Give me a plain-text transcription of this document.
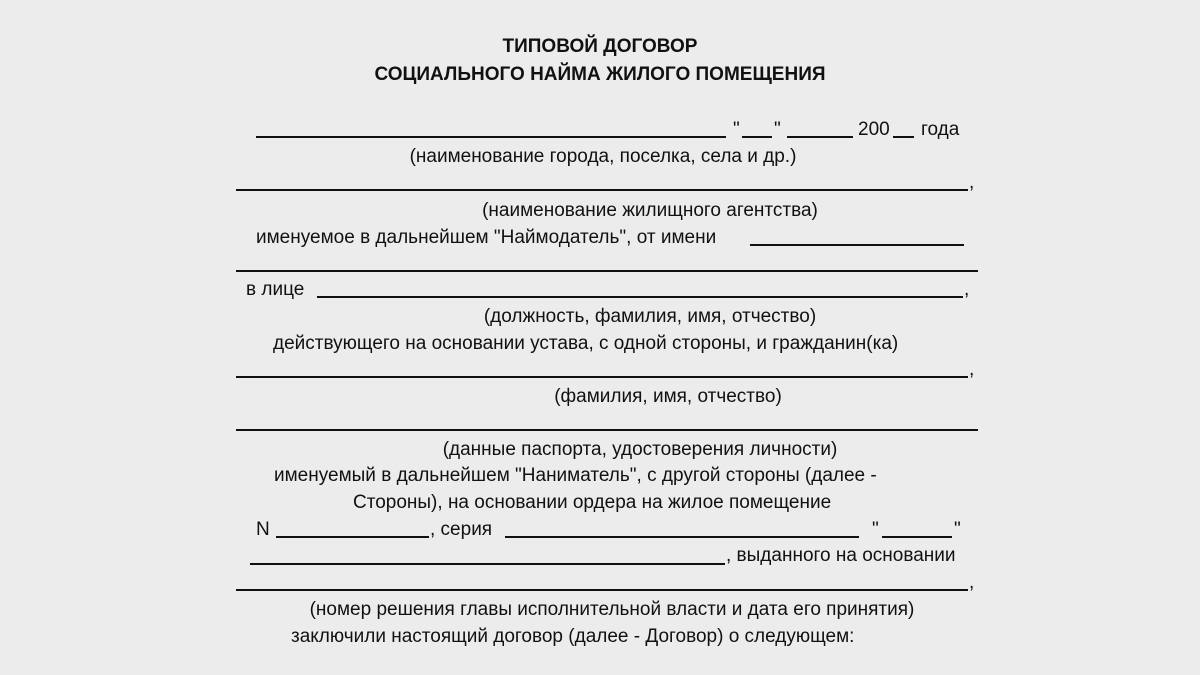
ТИПОВОЙ ДОГОВОР
СОЦИАЛЬНОГО НАЙМА ЖИЛОГО ПОМЕЩЕНИЯ
" "	200 года
(наименование города, поселка, села и др.)
,
(наименование жилищного агентства)
именуемое в дальнейшем "Наймодатель", от имени
в лице	,
(должность, фамилия, имя, отчество)
действующего на основании устава, с одной стороны, и гражданин(ка)
,
(фамилия, имя, отчество)
(данные паспорта, удостоверения личности)
именуемый в дальнейшем "Наниматель", с другой стороны (далее -
Стороны), на основании ордера на жилое помещение
N	, серия	"	"
, выданного на основании
,
(номер решения главы исполнительной власти и дата его принятия)
заключили настоящий договор (далее - Договор) о следующем:
